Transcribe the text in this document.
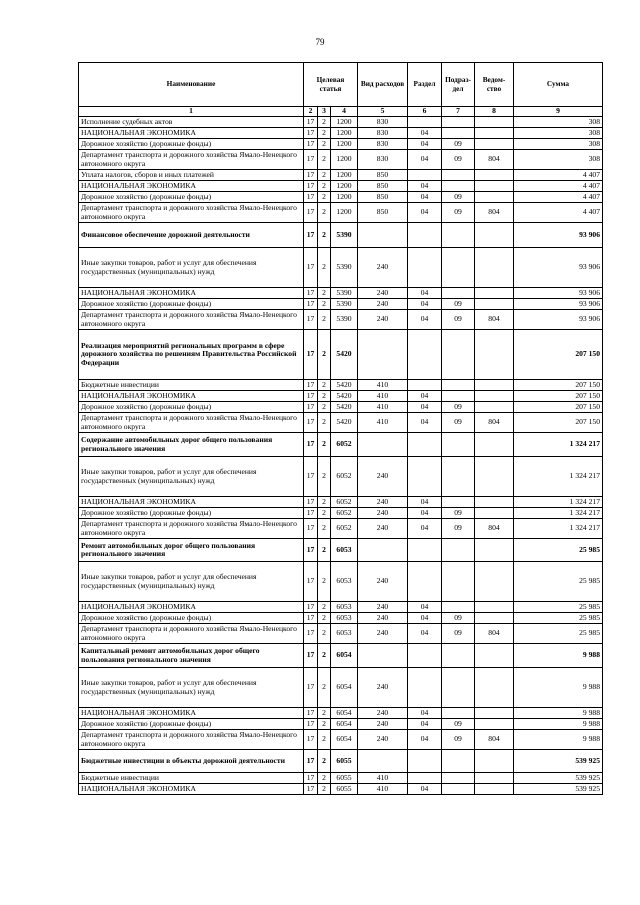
79
Наименование	Целевая статья			Вид расходов	Раздел	Подраз-дел	Ведом-ство	Сумма
1	2	3	4	5	6	7	8	9
Исполнение судебных актов	17	2	1200	830				308
НАЦИОНАЛЬНАЯ ЭКОНОМИКА	17	2	1200	830	04			308
Дорожное хозяйство (дорожные фонды)	17	2	1200	830	04	09		308
Департамент транспорта и дорожного хозяйства Ямало-Ненецкого автономного округа	17	2	1200	830	04	09	804	308
Уплата налогов, сборов и иных платежей	17	2	1200	850				4 407
НАЦИОНАЛЬНАЯ ЭКОНОМИКА	17	2	1200	850	04			4 407
Дорожное хозяйство (дорожные фонды)	17	2	1200	850	04	09		4 407
Департамент транспорта и дорожного хозяйства Ямало-Ненецкого автономного округа	17	2	1200	850	04	09	804	4 407
Финансовое обеспечение дорожной деятельности	17	2	5390					93 906
Иные закупки товаров, работ и услуг для обеспечения государственных (муниципальных) нужд	17	2	5390	240				93 906
НАЦИОНАЛЬНАЯ ЭКОНОМИКА	17	2	5390	240	04			93 906
Дорожное хозяйство (дорожные фонды)	17	2	5390	240	04	09		93 906
Департамент транспорта и дорожного хозяйства Ямало-Ненецкого автономного округа	17	2	5390	240	04	09	804	93 906
Реализация мероприятий региональных программ в сфере дорожного хозяйства по решениям Правительства Российской Федерации	17	2	5420					207 150
Бюджетные инвестиции	17	2	5420	410				207 150
НАЦИОНАЛЬНАЯ ЭКОНОМИКА	17	2	5420	410	04			207 150
Дорожное хозяйство (дорожные фонды)	17	2	5420	410	04	09		207 150
Департамент транспорта и дорожного хозяйства Ямало-Ненецкого автономного округа	17	2	5420	410	04	09	804	207 150
Содержание автомобильных дорог общего пользования регионального значения	17	2	6052					1 324 217
Иные закупки товаров, работ и услуг для обеспечения государственных (муниципальных) нужд	17	2	6052	240				1 324 217
НАЦИОНАЛЬНАЯ ЭКОНОМИКА	17	2	6052	240	04			1 324 217
Дорожное хозяйство (дорожные фонды)	17	2	6052	240	04	09		1 324 217
Департамент транспорта и дорожного хозяйства Ямало-Ненецкого автономного округа	17	2	6052	240	04	09	804	1 324 217
Ремонт автомобильных дорог общего пользования регионального значения	17	2	6053					25 985
Иные закупки товаров, работ и услуг для обеспечения государственных (муниципальных) нужд	17	2	6053	240				25 985
НАЦИОНАЛЬНАЯ ЭКОНОМИКА	17	2	6053	240	04			25 985
Дорожное хозяйство (дорожные фонды)	17	2	6053	240	04	09		25 985
Департамент транспорта и дорожного хозяйства Ямало-Ненецкого автономного округа	17	2	6053	240	04	09	804	25 985
Капитальный ремонт автомобильных дорог общего пользования регионального значения	17	2	6054					9 988
Иные закупки товаров, работ и услуг для обеспечения государственных (муниципальных) нужд	17	2	6054	240				9 988
НАЦИОНАЛЬНАЯ ЭКОНОМИКА	17	2	6054	240	04			9 988
Дорожное хозяйство (дорожные фонды)	17	2	6054	240	04	09		9 988
Департамент транспорта и дорожного хозяйства Ямало-Ненецкого автономного округа	17	2	6054	240	04	09	804	9 988
Бюджетные инвестиции в объекты дорожной деятельности	17	2	6055					539 925
Бюджетные инвестиции	17	2	6055	410				539 925
НАЦИОНАЛЬНАЯ ЭКОНОМИКА	17	2	6055	410	04			539 925
